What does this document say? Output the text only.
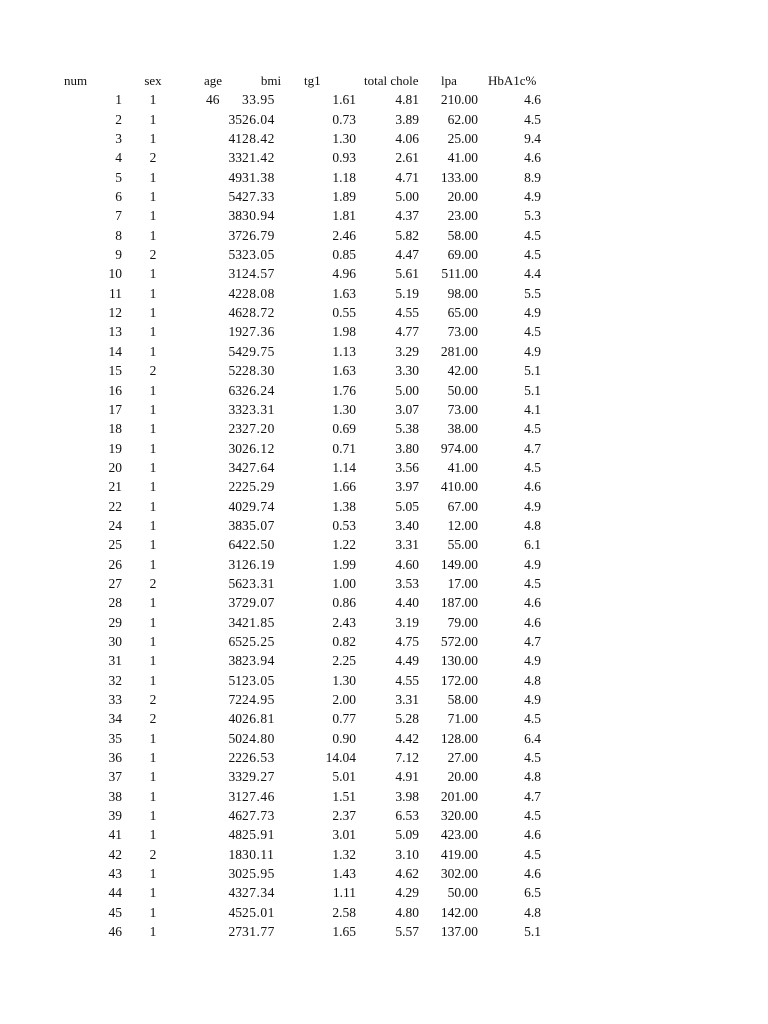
num	sex	age	bmi	tg1	total chole	lpa	HbA1c%
1	1	46	33.95	1.61	4.81	210.00	4.6
2	1	35 26.04	0.73	3.89	62.00	4.5
3	1	41 28.42	1.30	4.06	25.00	9.4
4	2	33 21.42	0.93	2.61	41.00	4.6
5	1	49 31.38	1.18	4.71	133.00	8.9
6	1	54 27.33	1.89	5.00	20.00	4.9
7	1	38 30.94	1.81	4.37	23.00	5.3
8	1	37 26.79	2.46	5.82	58.00	4.5
9	2	53 23.05	0.85	4.47	69.00	4.5
10	1	31 24.57	4.96	5.61	511.00	4.4
11	1	42 28.08	1.63	5.19	98.00	5.5
12	1	46 28.72	0.55	4.55	65.00	4.9
13	1	19 27.36	1.98	4.77	73.00	4.5
14	1	54 29.75	1.13	3.29	281.00	4.9
15	2	52 28.30	1.63	3.30	42.00	5.1
16	1	63 26.24	1.76	5.00	50.00	5.1
17	1	33 23.31	1.30	3.07	73.00	4.1
18	1	23 27.20	0.69	5.38	38.00	4.5
19	1	30 26.12	0.71	3.80	974.00	4.7
20	1	34 27.64	1.14	3.56	41.00	4.5
21	1	22 25.29	1.66	3.97	410.00	4.6
22	1	40 29.74	1.38	5.05	67.00	4.9
24	1	38 35.07	0.53	3.40	12.00	4.8
25	1	64 22.50	1.22	3.31	55.00	6.1
26	1	31 26.19	1.99	4.60	149.00	4.9
27	2	56 23.31	1.00	3.53	17.00	4.5
28	1	37 29.07	0.86	4.40	187.00	4.6
29	1	34 21.85	2.43	3.19	79.00	4.6
30	1	65 25.25	0.82	4.75	572.00	4.7
31	1	38 23.94	2.25	4.49	130.00	4.9
32	1	51 23.05	1.30	4.55	172.00	4.8
33	2	72 24.95	2.00	3.31	58.00	4.9
34	2	40 26.81	0.77	5.28	71.00	4.5
35	1	50 24.80	0.90	4.42	128.00	6.4
36	1	22 26.53	14.04	7.12	27.00	4.5
37	1	33 29.27	5.01	4.91	20.00	4.8
38	1	31 27.46	1.51	3.98	201.00	4.7
39	1	46 27.73	2.37	6.53	320.00	4.5
41	1	48 25.91	3.01	5.09	423.00	4.6
42	2	18 30.11	1.32	3.10	419.00	4.5
43	1	30 25.95	1.43	4.62	302.00	4.6
44	1	43 27.34	1.11	4.29	50.00	6.5
45	1	45 25.01	2.58	4.80	142.00	4.8
46	1	27 31.77	1.65	5.57	137.00	5.1
